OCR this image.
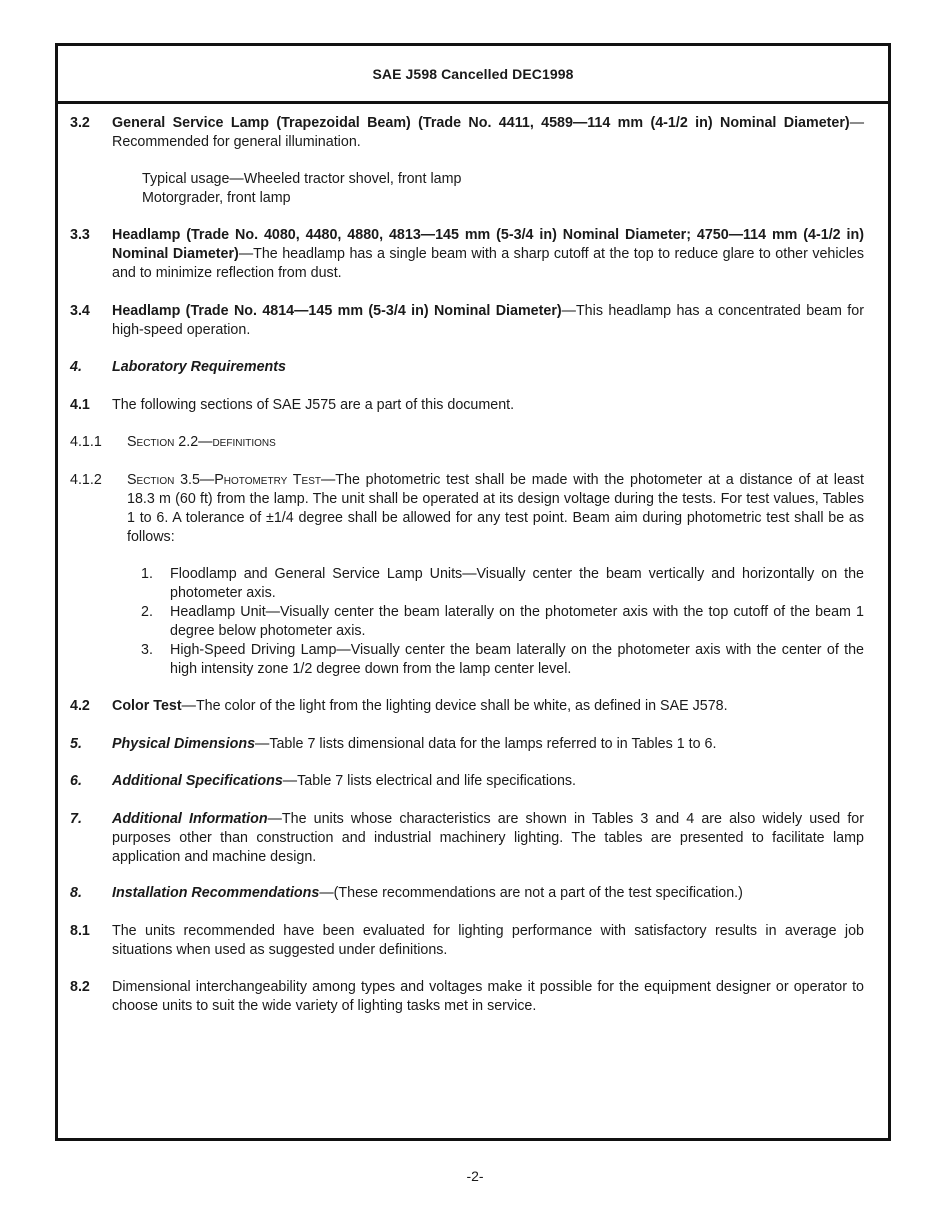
SAE J598 Cancelled DEC1998
3.2 General Service Lamp (Trapezoidal Beam) (Trade No. 4411, 4589—114 mm (4-1/2 in) Nominal Diameter)—Recommended for general illumination.
Typical usage—Wheeled tractor shovel, front lamp
Motorgrader, front lamp
3.3 Headlamp (Trade No. 4080, 4480, 4880, 4813—145 mm (5-3/4 in) Nominal Diameter; 4750—114 mm (4-1/2 in) Nominal Diameter)—The headlamp has a single beam with a sharp cutoff at the top to reduce glare to other vehicles and to minimize reflection from dust.
3.4 Headlamp (Trade No. 4814—145 mm (5-3/4 in) Nominal Diameter)—This headlamp has a concentrated beam for high-speed operation.
4. Laboratory Requirements
4.1 The following sections of SAE J575 are a part of this document.
4.1.1 Section 2.2—definitions
4.1.2 Section 3.5—Photometry Test—The photometric test shall be made with the photometer at a distance of at least 18.3 m (60 ft) from the lamp. The unit shall be operated at its design voltage during the tests. For test values, Tables 1 to 6. A tolerance of ±1/4 degree shall be allowed for any test point. Beam aim during photometric test shall be as follows:
1. Floodlamp and General Service Lamp Units—Visually center the beam vertically and horizontally on the photometer axis.
2. Headlamp Unit—Visually center the beam laterally on the photometer axis with the top cutoff of the beam 1 degree below photometer axis.
3. High-Speed Driving Lamp—Visually center the beam laterally on the photometer axis with the center of the high intensity zone 1/2 degree down from the lamp center level.
4.2 Color Test—The color of the light from the lighting device shall be white, as defined in SAE J578.
5. Physical Dimensions—Table 7 lists dimensional data for the lamps referred to in Tables 1 to 6.
6. Additional Specifications—Table 7 lists electrical and life specifications.
7. Additional Information—The units whose characteristics are shown in Tables 3 and 4 are also widely used for purposes other than construction and industrial machinery lighting. The tables are presented to facilitate lamp application and machine design.
8. Installation Recommendations—(These recommendations are not a part of the test specification.)
8.1 The units recommended have been evaluated for lighting performance with satisfactory results in average job situations when used as suggested under definitions.
8.2 Dimensional interchangeability among types and voltages make it possible for the equipment designer or operator to choose units to suit the wide variety of lighting tasks met in service.
-2-
